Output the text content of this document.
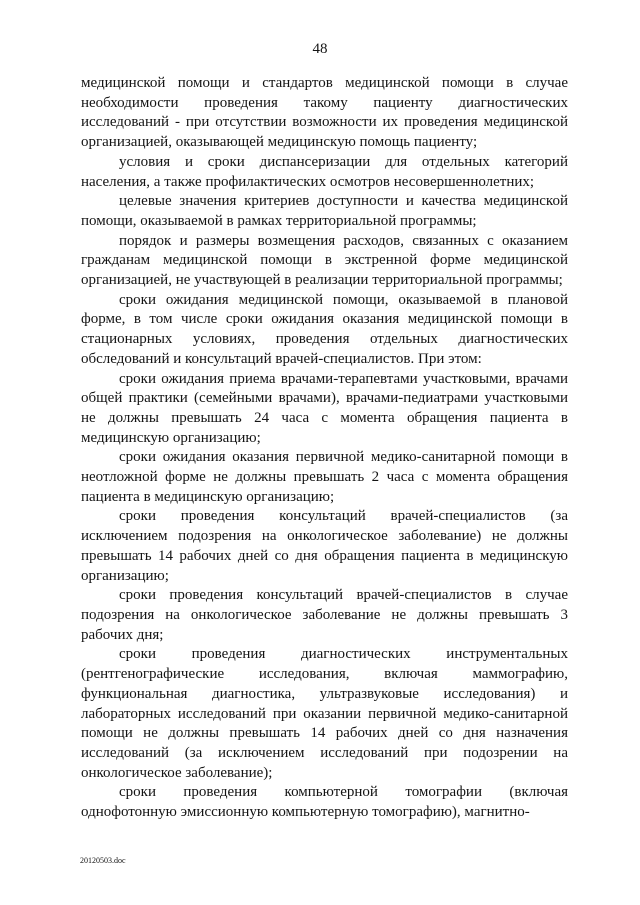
48

медицинской помощи и стандартов медицинской помощи в случае необходимости проведения такому пациенту диагностических исследований - при отсутствии возможности их проведения медицинской организацией, оказывающей медицинскую помощь пациенту;

условия и сроки диспансеризации для отдельных категорий населения, а также профилактических осмотров несовершеннолетних;

целевые значения критериев доступности и качества медицинской помощи, оказываемой в рамках территориальной программы;

порядок и размеры возмещения расходов, связанных с оказанием гражданам медицинской помощи в экстренной форме медицинской организацией, не участвующей в реализации территориальной программы;

сроки ожидания медицинской помощи, оказываемой в плановой форме, в том числе сроки ожидания оказания медицинской помощи в стационарных условиях, проведения отдельных диагностических обследований и консультаций врачей-специалистов. При этом:

сроки ожидания приема врачами-терапевтами участковыми, врачами общей практики (семейными врачами), врачами-педиатрами участковыми не должны превышать 24 часа с момента обращения пациента в медицинскую организацию;

сроки ожидания оказания первичной медико-санитарной помощи в неотложной форме не должны превышать 2 часа с момента обращения пациента в медицинскую организацию;

сроки проведения консультаций врачей-специалистов (за исключением подозрения на онкологическое заболевание) не должны превышать 14 рабочих дней со дня обращения пациента в медицинскую организацию;

сроки проведения консультаций врачей-специалистов в случае подозрения на онкологическое заболевание не должны превышать 3 рабочих дня;

сроки проведения диагностических инструментальных (рентгенографические исследования, включая маммографию, функциональная диагностика, ультразвуковые исследования) и лабораторных исследований при оказании первичной медико-санитарной помощи не должны превышать 14 рабочих дней со дня назначения исследований (за исключением исследований при подозрении на онкологическое заболевание);

сроки проведения компьютерной томографии (включая однофотонную эмиссионную компьютерную томографию), магнитно-

20120503.doc
